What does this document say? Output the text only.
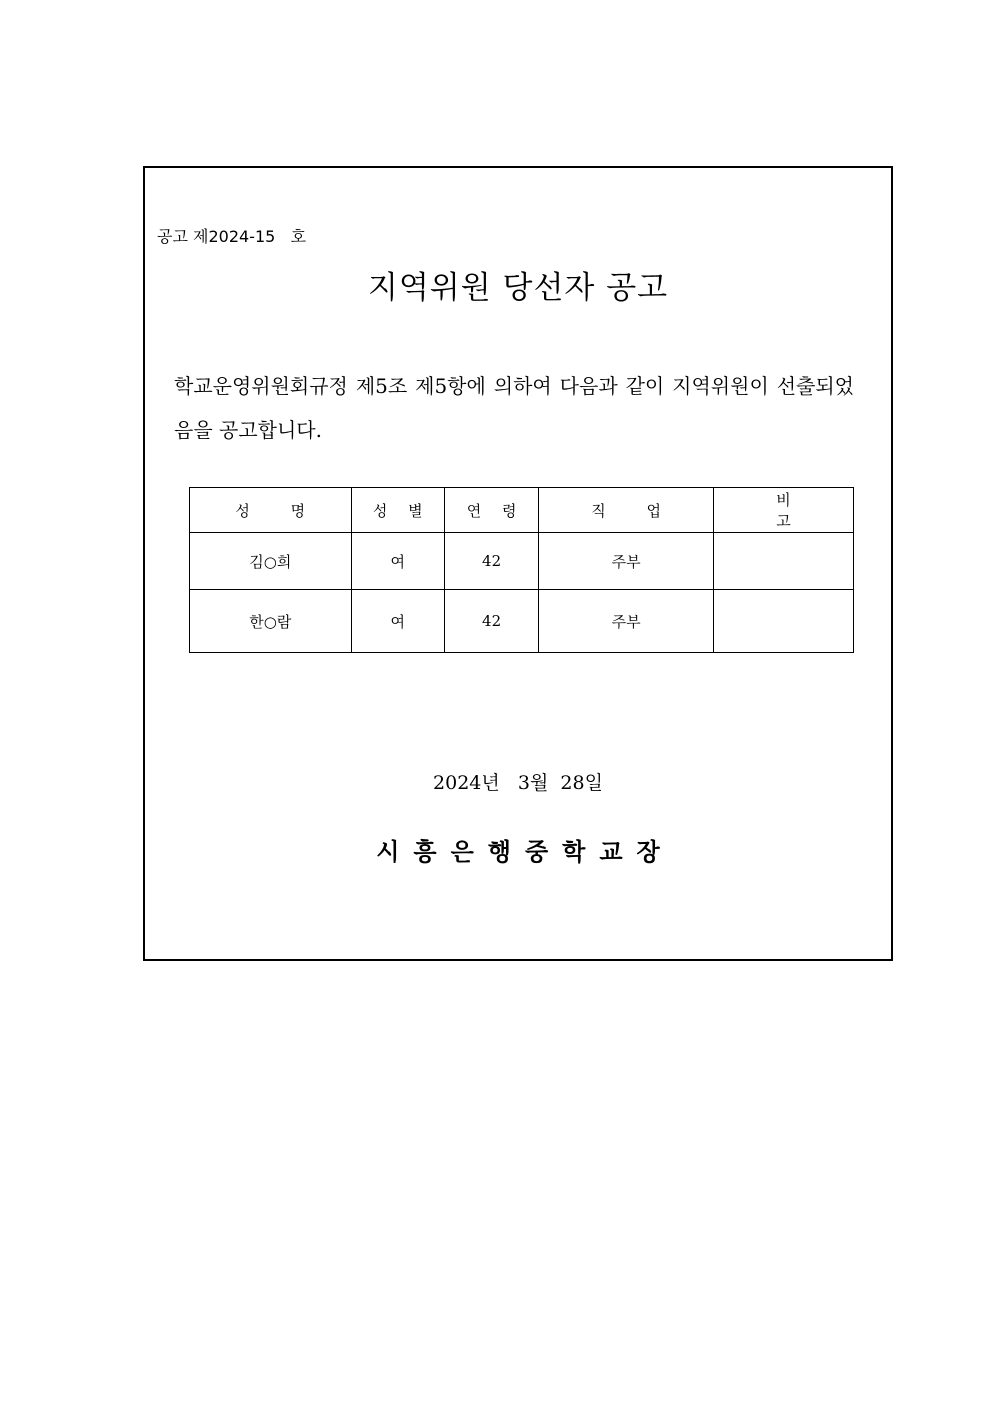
공고 제2024-15   호
지역위원 당선자 공고
학교운영위원회규정 제5조 제5항에 의하여 다음과 같이 지역위원이 선출되었음을 공고합니다.
성 명	성 별	연 령	직 업	비 고
김○희	여	42	주부	
한○람	여	42	주부	
2024년   3월  28일
시흥은행중학교장
